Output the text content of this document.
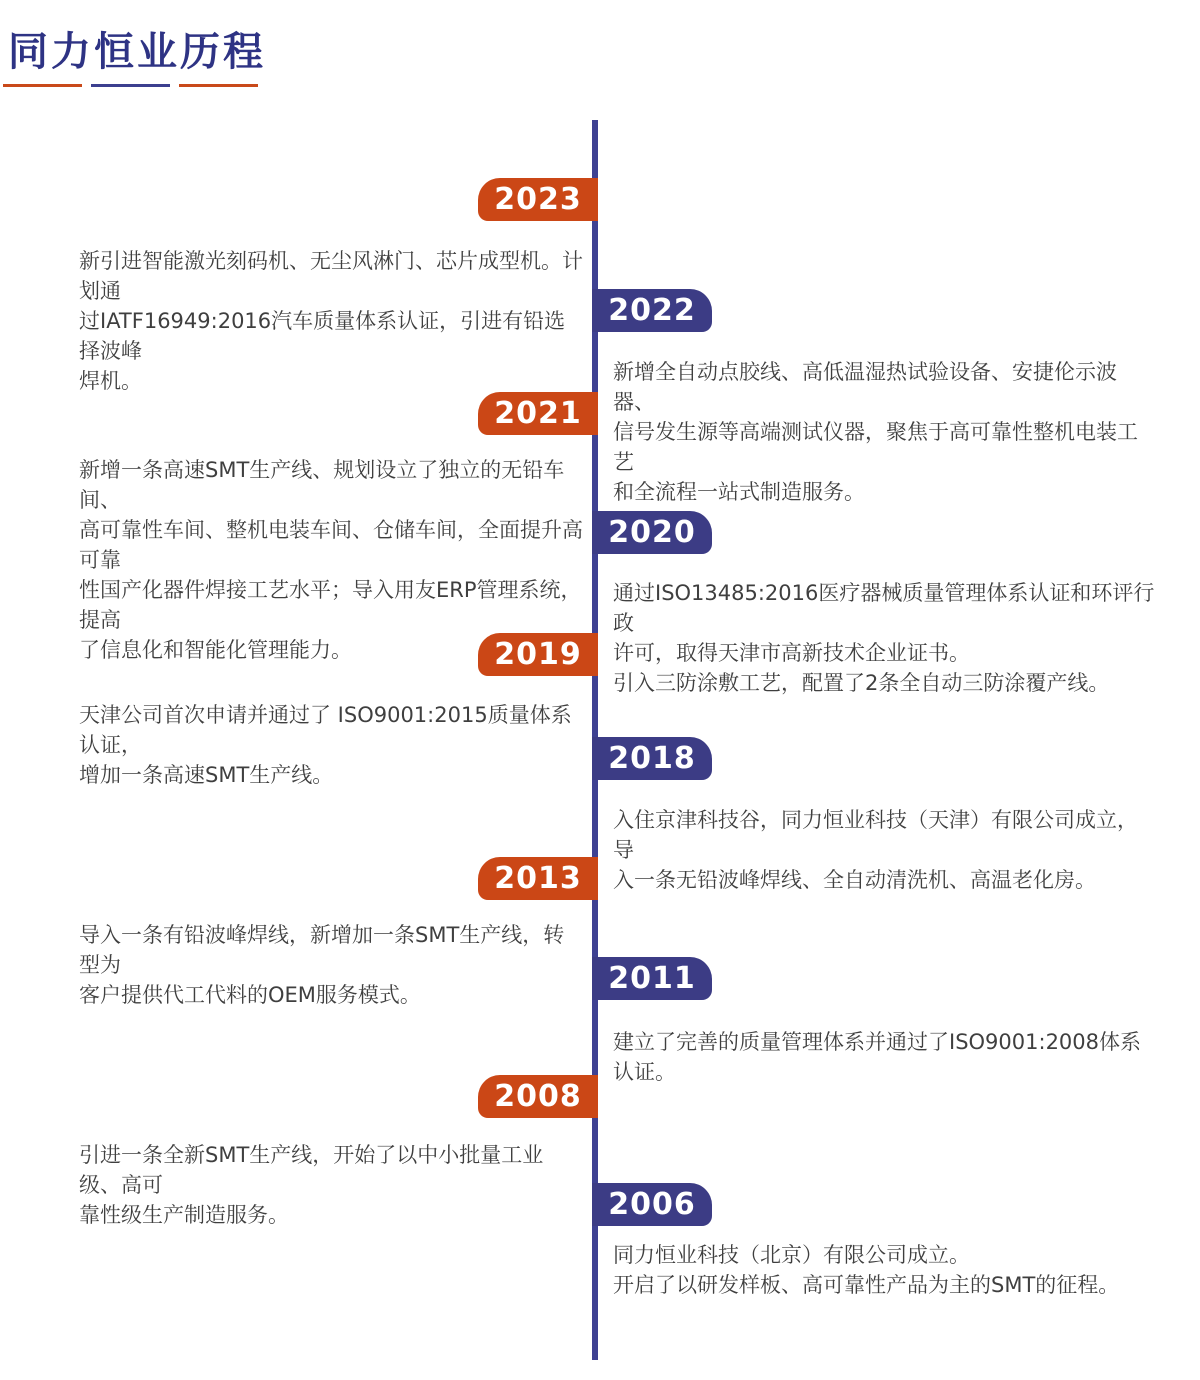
同力恒业历程
2023
新引进智能激光刻码机、无尘风淋门、芯片成型机。计划通
过IATF16949:2016汽车质量体系认证，引进有铅选择波峰
焊机。
2022
新增全自动点胶线、高低温湿热试验设备、安捷伦示波器、
信号发生源等高端测试仪器，聚焦于高可靠性整机电装工艺
和全流程一站式制造服务。
2021
新增一条高速SMT生产线、规划设立了独立的无铅车间、
高可靠性车间、整机电装车间、仓储车间，全面提升高可靠
性国产化器件焊接工艺水平；导入用友ERP管理系统，提高
了信息化和智能化管理能力。
2020
通过ISO13485:2016医疗器械质量管理体系认证和环评行政
许可，取得天津市高新技术企业证书。
引入三防涂敷工艺，配置了2条全自动三防涂覆产线。
2019
天津公司首次申请并通过了 ISO9001:2015质量体系认证，
增加一条高速SMT生产线。	2018
入住京津科技谷，同力恒业科技（天津）有限公司成立，导
入一条无铅波峰焊线、全自动清洗机、高温老化房。
2013
导入一条有铅波峰焊线，新增加一条SMT生产线，转型为
客户提供代工代料的OEM服务模式。	2011
建立了完善的质量管理体系并通过了ISO9001:2008体系
认证。
2008
引进一条全新SMT生产线，开始了以中小批量工业级、高可
靠性级生产制造服务。	2006
同力恒业科技（北京）有限公司成立。
开启了以研发样板、高可靠性产品为主的SMT的征程。
